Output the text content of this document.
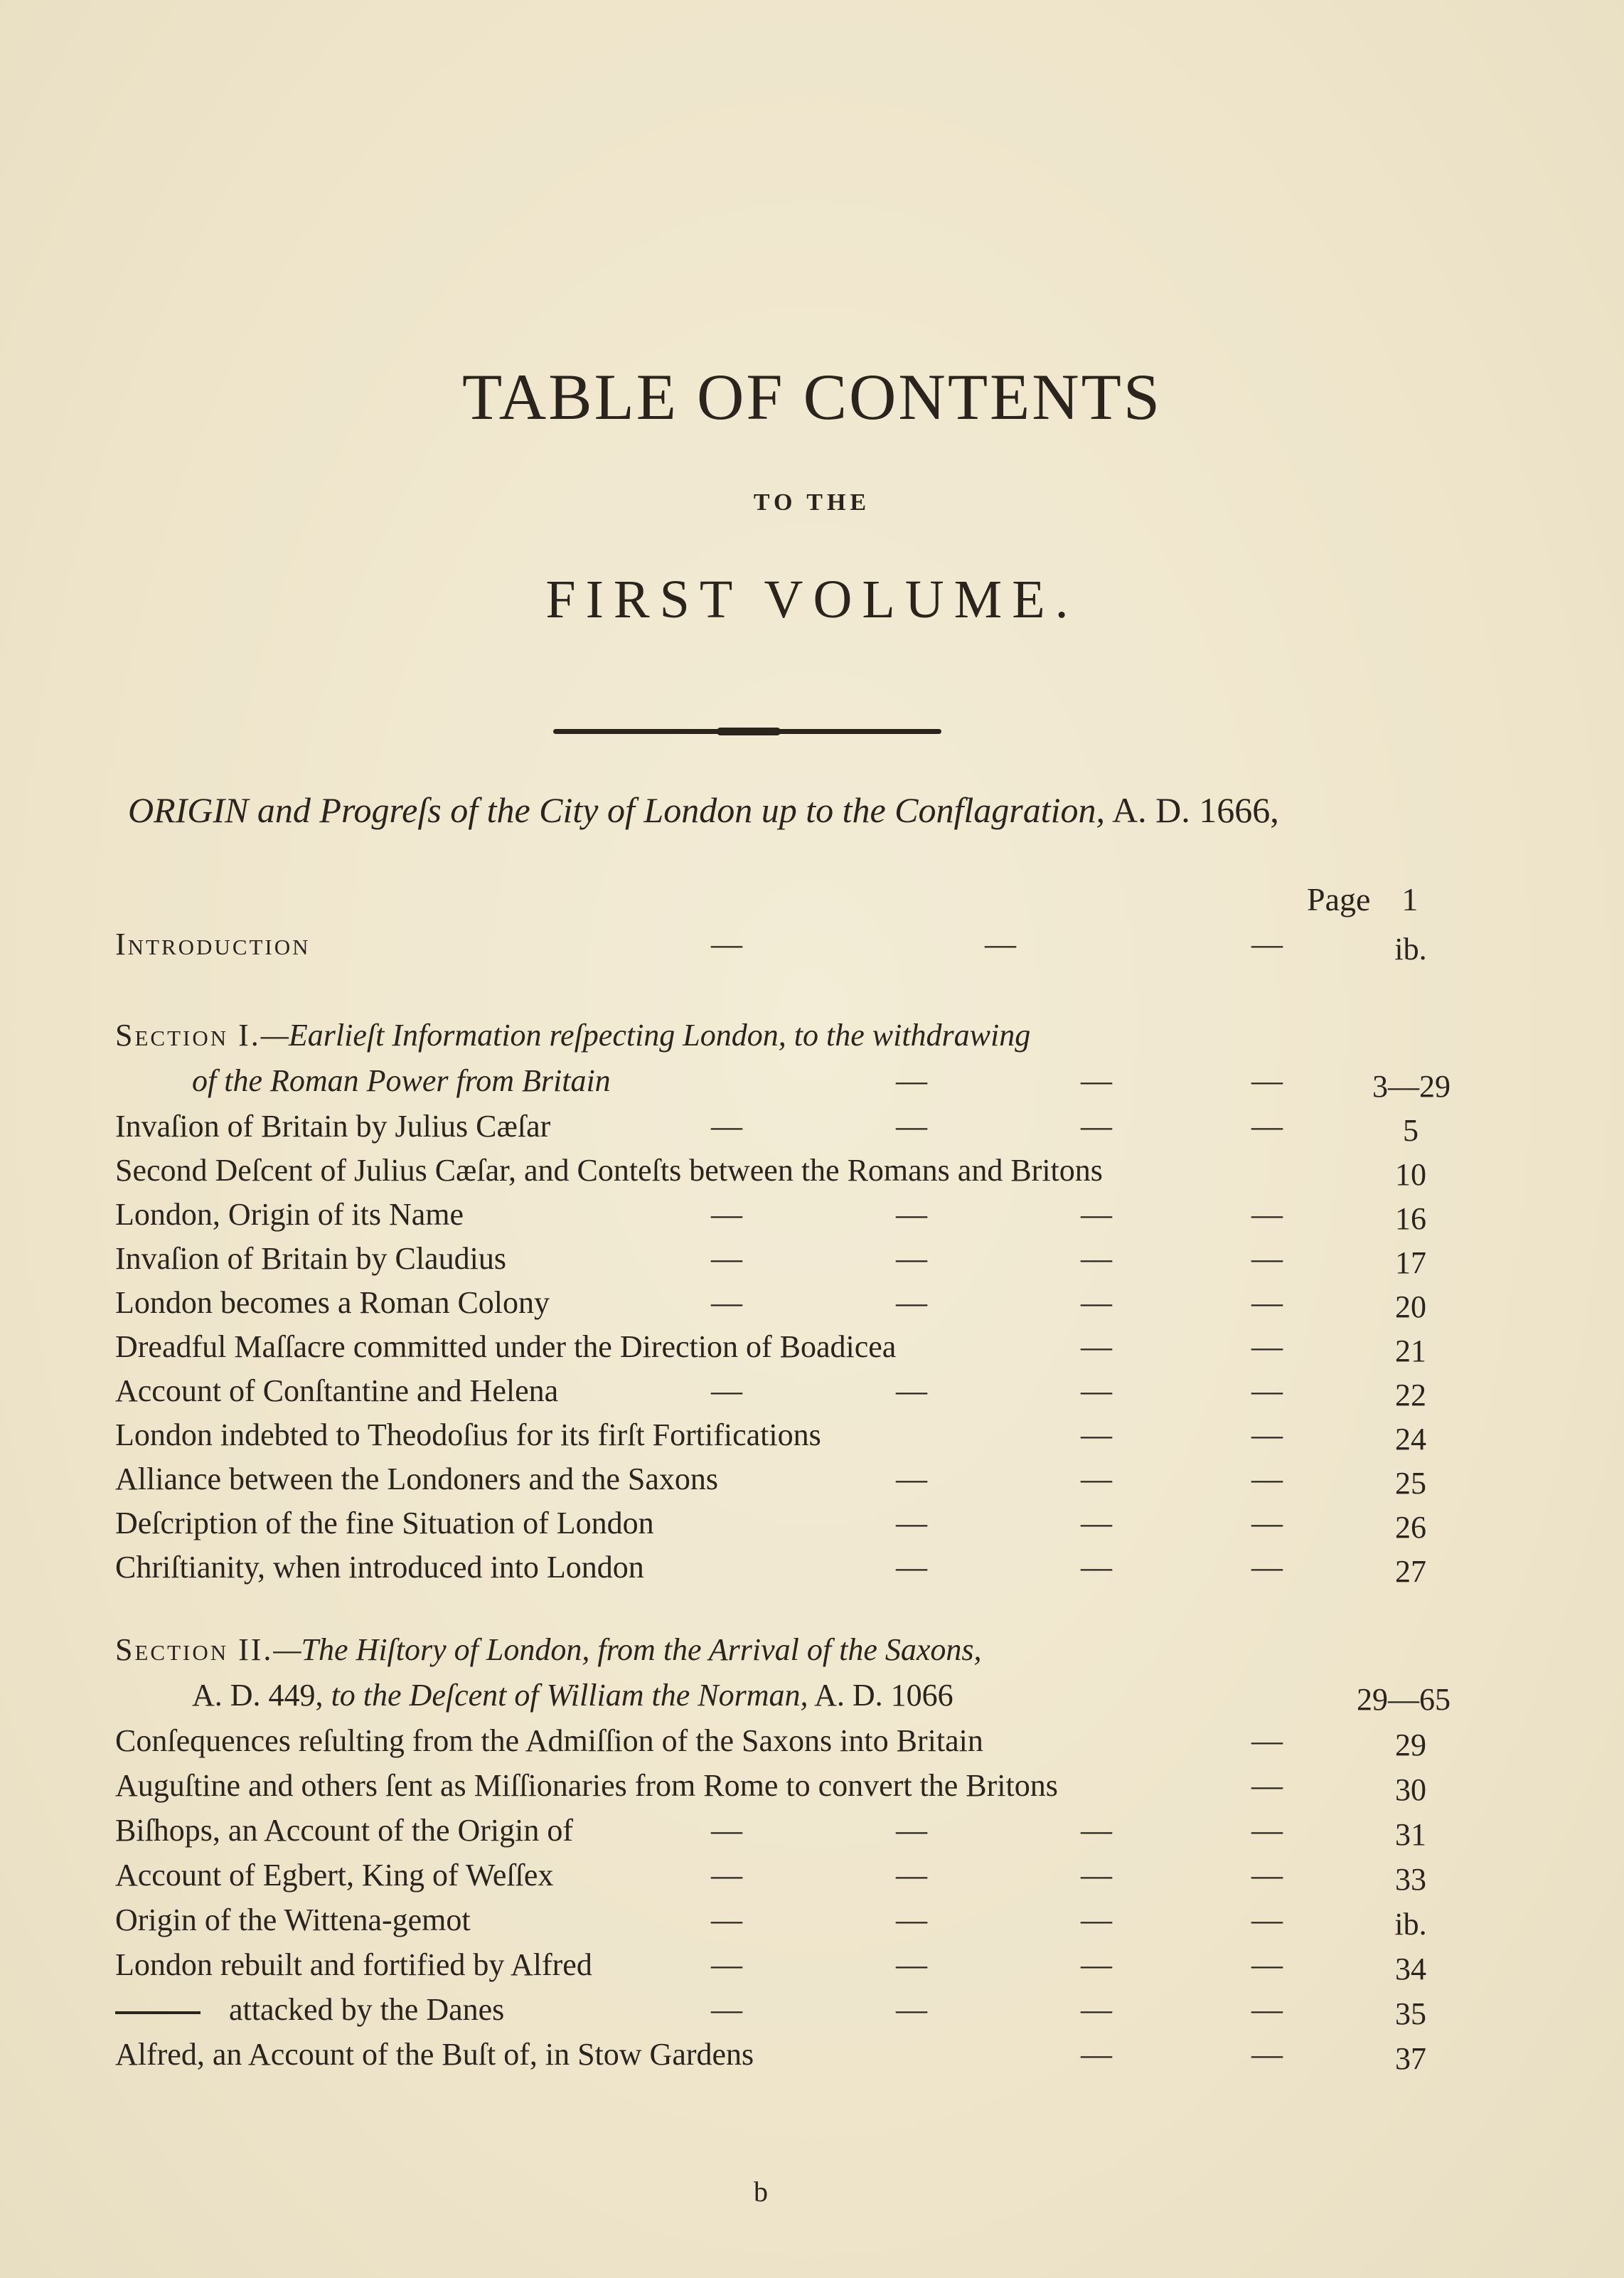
TABLE OF CONTENTS
TO THE
FIRST VOLUME.
ORIGIN and Progreſs of the City of London up to the Conflagration, A. D. 1666,
Page 1
Introduction	—	—	—	ib.
Section I.—Earlieſt Information reſpecting London, to the withdrawing
of the Roman Power from Britain	—	—	—	3—29
Invaſion of Britain by Julius Cæſar	—	—	—	—	5
Second Deſcent of Julius Cæſar, and Conteſts between the Romans and Britons	10
London, Origin of its Name	—	—	—	—	16
Invaſion of Britain by Claudius	—	—	—	—	17
London becomes a Roman Colony	—	—	—	—	20
Dreadful Maſſacre committed under the Direction of Boadicea	—	—	21
Account of Conſtantine and Helena	—	—	—	—	22
London indebted to Theodoſius for its firſt Fortifications	—	—	24
Alliance between the Londoners and the Saxons	—	—	—	25
Deſcription of the fine Situation of London	—	—	—	26
Chriſtianity, when introduced into London	—	—	—	27
Section II.—The Hiſtory of London, from the Arrival of the Saxons,
A. D. 449, to the Deſcent of William the Norman, A. D. 1066	29—65
Conſequences reſulting from the Admiſſion of the Saxons into Britain	—	29
Auguſtine and others ſent as Miſſionaries from Rome to convert the Britons	—	30
Biſhops, an Account of the Origin of	—	—	—	—	31
Account of Egbert, King of Weſſex	—	—	—	—	33
Origin of the Wittena-gemot	—	—	—	—	ib.
London rebuilt and fortified by Alfred	—	—	—	—	34
attacked by the Danes	—	—	—	—	35
Alfred, an Account of the Buſt of, in Stow Gardens	—	—	37
b
